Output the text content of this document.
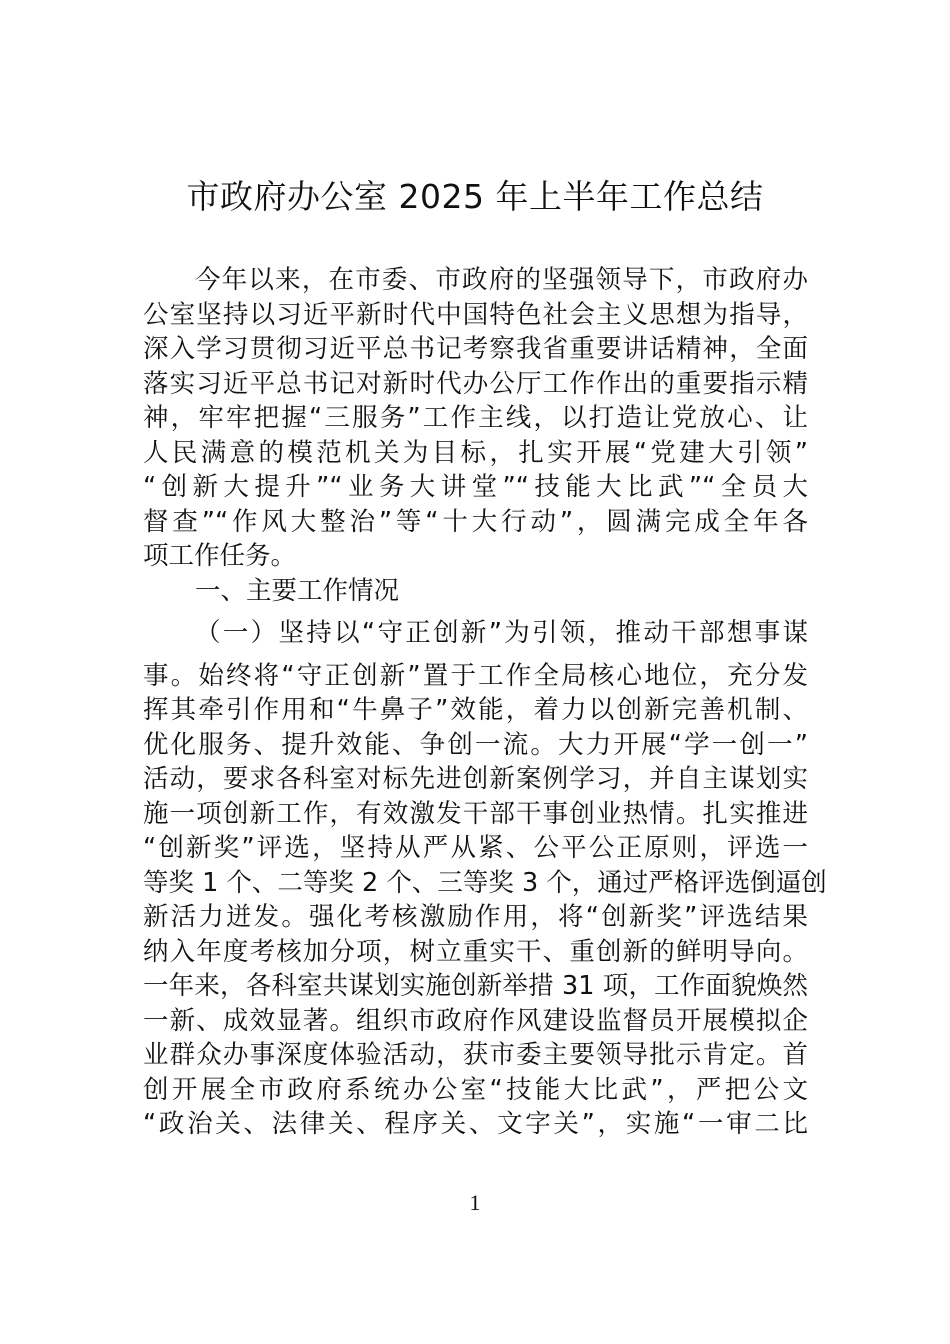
市政府办公室 2025 年上半年工作总结
今年以来，在市委、市政府的坚强领导下，市政府办
公室坚持以习近平新时代中国特色社会主义思想为指导，
深入学习贯彻习近平总书记考察我省重要讲话精神，全面
落实习近平总书记对新时代办公厅工作作出的重要指示精
神，牢牢把握“三服务”工作主线，以打造让党放心、让
人民满意的模范机关为目标，扎实开展“党建大引领”
“创新大提升”“业务大讲堂”“技能大比武”“全员大
督查”“作风大整治”等“十大行动”，圆满完成全年各
项工作任务。
一、主要工作情况
（一）坚持以“守正创新”为引领，推动干部想事谋
事。始终将“守正创新”置于工作全局核心地位，充分发
挥其牵引作用和“牛鼻子”效能，着力以创新完善机制、
优化服务、提升效能、争创一流。大力开展“学一创一”
活动，要求各科室对标先进创新案例学习，并自主谋划实
施一项创新工作，有效激发干部干事创业热情。扎实推进
“创新奖”评选，坚持从严从紧、公平公正原则，评选一
等奖 1 个、二等奖 2 个、三等奖 3 个，通过严格评选倒逼创
新活力迸发。强化考核激励作用，将“创新奖”评选结果
纳入年度考核加分项，树立重实干、重创新的鲜明导向。
一年来，各科室共谋划实施创新举措 31 项，工作面貌焕然
一新、成效显著。组织市政府作风建设监督员开展模拟企
业群众办事深度体验活动，获市委主要领导批示肯定。首
创开展全市政府系统办公室“技能大比武”，严把公文
“政治关、法律关、程序关、文字关”，实施“一审二比
1
